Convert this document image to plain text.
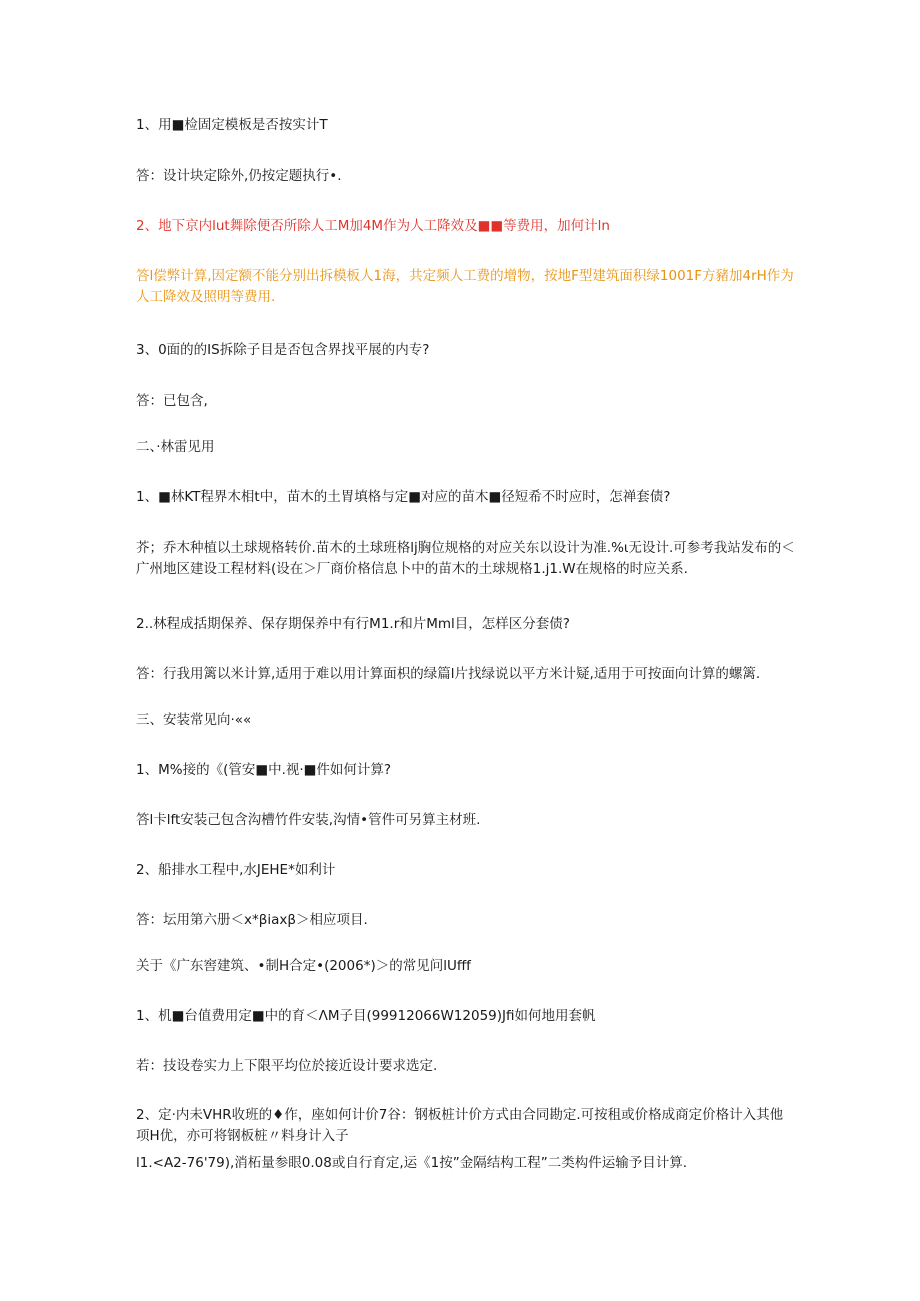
1、用■检固定模板是否按实计T
答：设计块定除外,仍按定题执行•.
2、地下京内lut舞除便否所除人工M加4M作为人工降效及■■等费用，加何计ln
答l偿弊计算,因定额不能分别出拆模板人1海，共定频人工费的增物，按地F型建筑面积绿1001F方豬加4rH作为人工降效及照明等费用.
3、0面的的IS拆除子目是否包含界找平展的内专?
答：已包含,
二、·林雷见用
1、■林KT程界木相t中，苗木的土胃填格与定■对应的苗木■径短希不时应时，怎禅套债?
芥；乔木种植以土球规格转价.苗木的土球班格lj胸位规格的对应关东以设计为准.%ι无设计.可参考我站发布的＜广州地区建设工程材料(设在＞厂商价格信息卜中的苗木的土球规格1.j1.W在规格的时应关系.
2..林程成括期保养、保存期保养中有行M1.r和片Mml目，怎样区分套债?
答：行我用篱以米计算,适用于难以用计算面枳的绿篇l片找绿说以平方米计疑,适用于可按面向计算的螺篱.
三、安装常见向·««
1、M%接的《(管安■中.视·■件如何计算?
答l卡lft安装己包含沟槽竹件安装,沟情•管件可另算主材班.
2、船排水工程中,水JEHE*如利计
答：坛用第六册＜x*βiaxβ＞相应项目.
关于《广东窖建筑、•制H合定•(2006*)＞的常见问lUfff
1、机■台值费用定■中的育＜ΛM子目(99912066W12059)Jfi如何地用套帆
若：技设卷实力上下限平均位於接近设计要求选定.
2、定·内未VHR收班的♦作，座如何计价7谷：钢板桩计价方式由合同勘定.可按租或价格成商定价格计入其他项H优，亦可将钢板桩〃料身计入子
l1.<A2-76'79),消柘量参眼0.08或自行育定,运《1按”金隔结构工程”二类构件运输予目计算.
